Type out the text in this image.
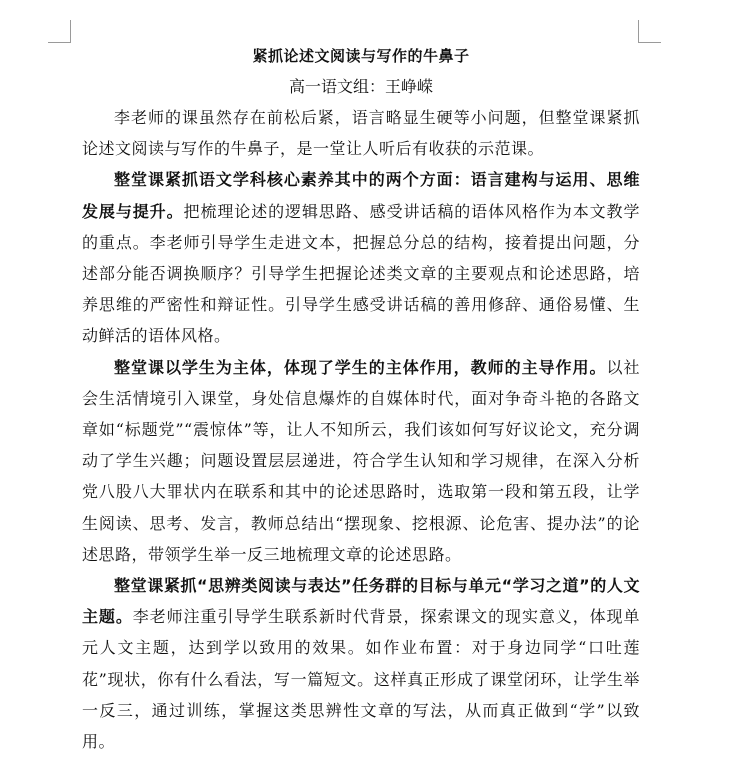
紧抓论述文阅读与写作的牛鼻子
高一语文组：王峥嵘

李老师的课虽然存在前松后紧，语言略显生硬等小问题，但整堂课紧抓论述文阅读与写作的牛鼻子，是一堂让人听后有收获的示范课。

整堂课紧抓语文学科核心素养其中的两个方面：语言建构与运用、思维发展与提升。把梳理论述的逻辑思路、感受讲话稿的语体风格作为本文教学的重点。李老师引导学生走进文本，把握总分总的结构，接着提出问题，分述部分能否调换顺序？引导学生把握论述类文章的主要观点和论述思路，培养思维的严密性和辩证性。引导学生感受讲话稿的善用修辞、通俗易懂、生动鲜活的语体风格。

整堂课以学生为主体，体现了学生的主体作用，教师的主导作用。以社会生活情境引入课堂，身处信息爆炸的自媒体时代，面对争奇斗艳的各路文章如“标题党”“震惊体”等，让人不知所云，我们该如何写好议论文，充分调动了学生兴趣；问题设置层层递进，符合学生认知和学习规律，在深入分析党八股八大罪状内在联系和其中的论述思路时，选取第一段和第五段，让学生阅读、思考、发言，教师总结出“摆现象、挖根源、论危害、提办法”的论述思路，带领学生举一反三地梳理文章的论述思路。

整堂课紧抓“思辨类阅读与表达”任务群的目标与单元“学习之道”的人文主题。李老师注重引导学生联系新时代背景，探索课文的现实意义，体现单元人文主题，达到学以致用的效果。如作业布置：对于身边同学“口吐莲花”现状，你有什么看法，写一篇短文。这样真正形成了课堂闭环，让学生举一反三，通过训练，掌握这类思辨性文章的写法，从而真正做到“学”以致用。
